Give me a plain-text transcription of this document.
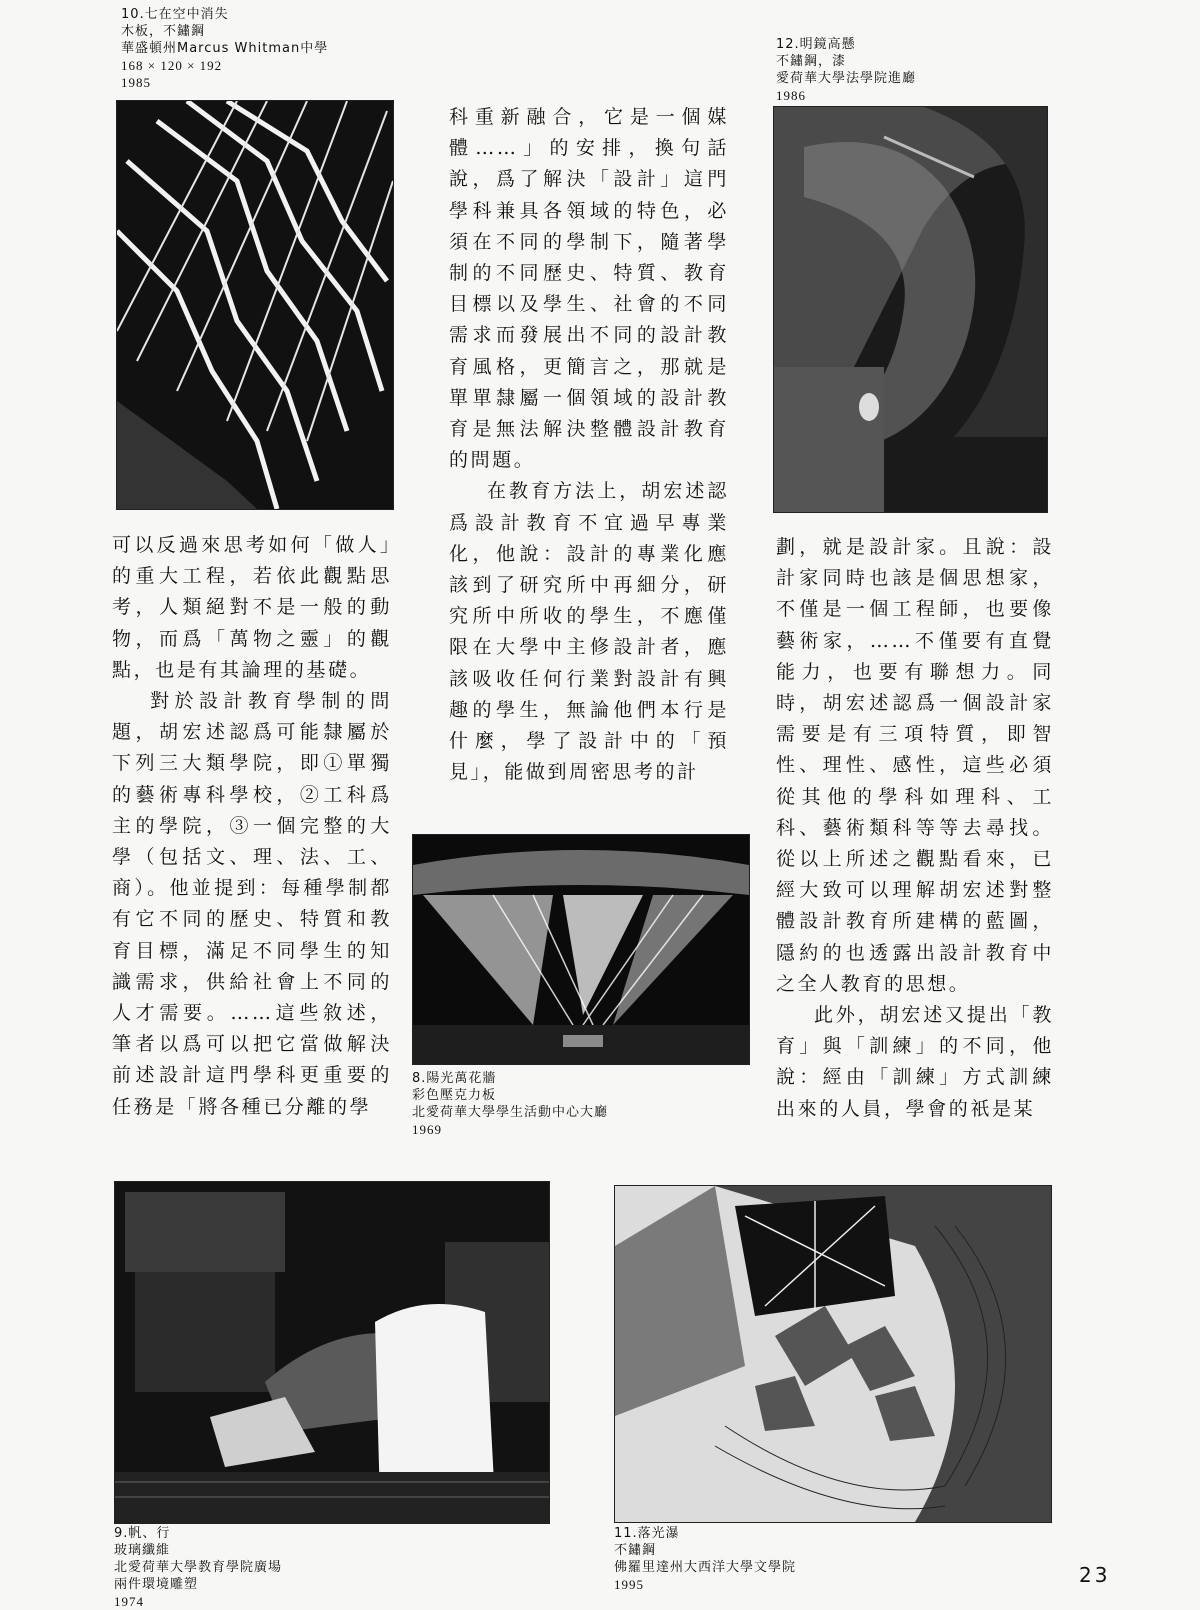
10.七在空中消失
木板，不鏽鋼
華盛頓州Marcus Whitman中學
168 × 120 × 192
1985
12.明鏡高懸
不鏽鋼，漆
愛荷華大學法學院進廳
1986

可以反過來思考如何「做人」的重大工程，若依此觀點思考，人類絕對不是一般的動物，而爲「萬物之靈」的觀點，也是有其論理的基礎。

對於設計教育學制的問題，胡宏述認爲可能隸屬於下列三大類學院，即①單獨的藝術專科學校，②工科爲主的學院，③一個完整的大學（包括文、理、法、工、商）。他並提到：每種學制都有它不同的歷史、特質和教育目標，滿足不同學生的知識需求，供給社會上不同的人才需要。……這些敘述，筆者以爲可以把它當做解決前述設計這門學科更重要的任務是「將各種已分離的學

科重新融合，它是一個媒體……」的安排，換句話說，爲了解決「設計」這門學科兼具各領域的特色，必須在不同的學制下，隨著學制的不同歷史、特質、教育目標以及學生、社會的不同需求而發展出不同的設計教育風格，更簡言之，那就是單單隸屬一個領域的設計教育是無法解決整體設計教育的問題。

在教育方法上，胡宏述認爲設計教育不宜過早專業化，他說：設計的專業化應該到了研究所中再細分，研究所中所收的學生，不應僅限在大學中主修設計者，應該吸收任何行業對設計有興趣的學生，無論他們本行是什麼，學了設計中的「預見」，能做到周密思考的計

8.陽光萬花牆
彩色壓克力板
北愛荷華大學學生活動中心大廳
1969

劃，就是設計家。且說：設計家同時也該是個思想家，不僅是一個工程師，也要像藝術家，……不僅要有直覺能力，也要有聯想力。同時，胡宏述認爲一個設計家需要是有三項特質，即智性、理性、感性，這些必須從其他的學科如理科、工科、藝術類科等等去尋找。從以上所述之觀點看來，已經大致可以理解胡宏述對整體設計教育所建構的藍圖，隱約的也透露出設計教育中之全人教育的思想。

此外，胡宏述又提出「教育」與「訓練」的不同，他說：經由「訓練」方式訓練出來的人員，學會的祇是某

9.帆、行
玻璃纖維
北愛荷華大學教育學院廣場
兩件環境雕塑
1974
11.落光瀑
不鏽鋼
佛羅里達州大西洋大學文學院
1995	23
